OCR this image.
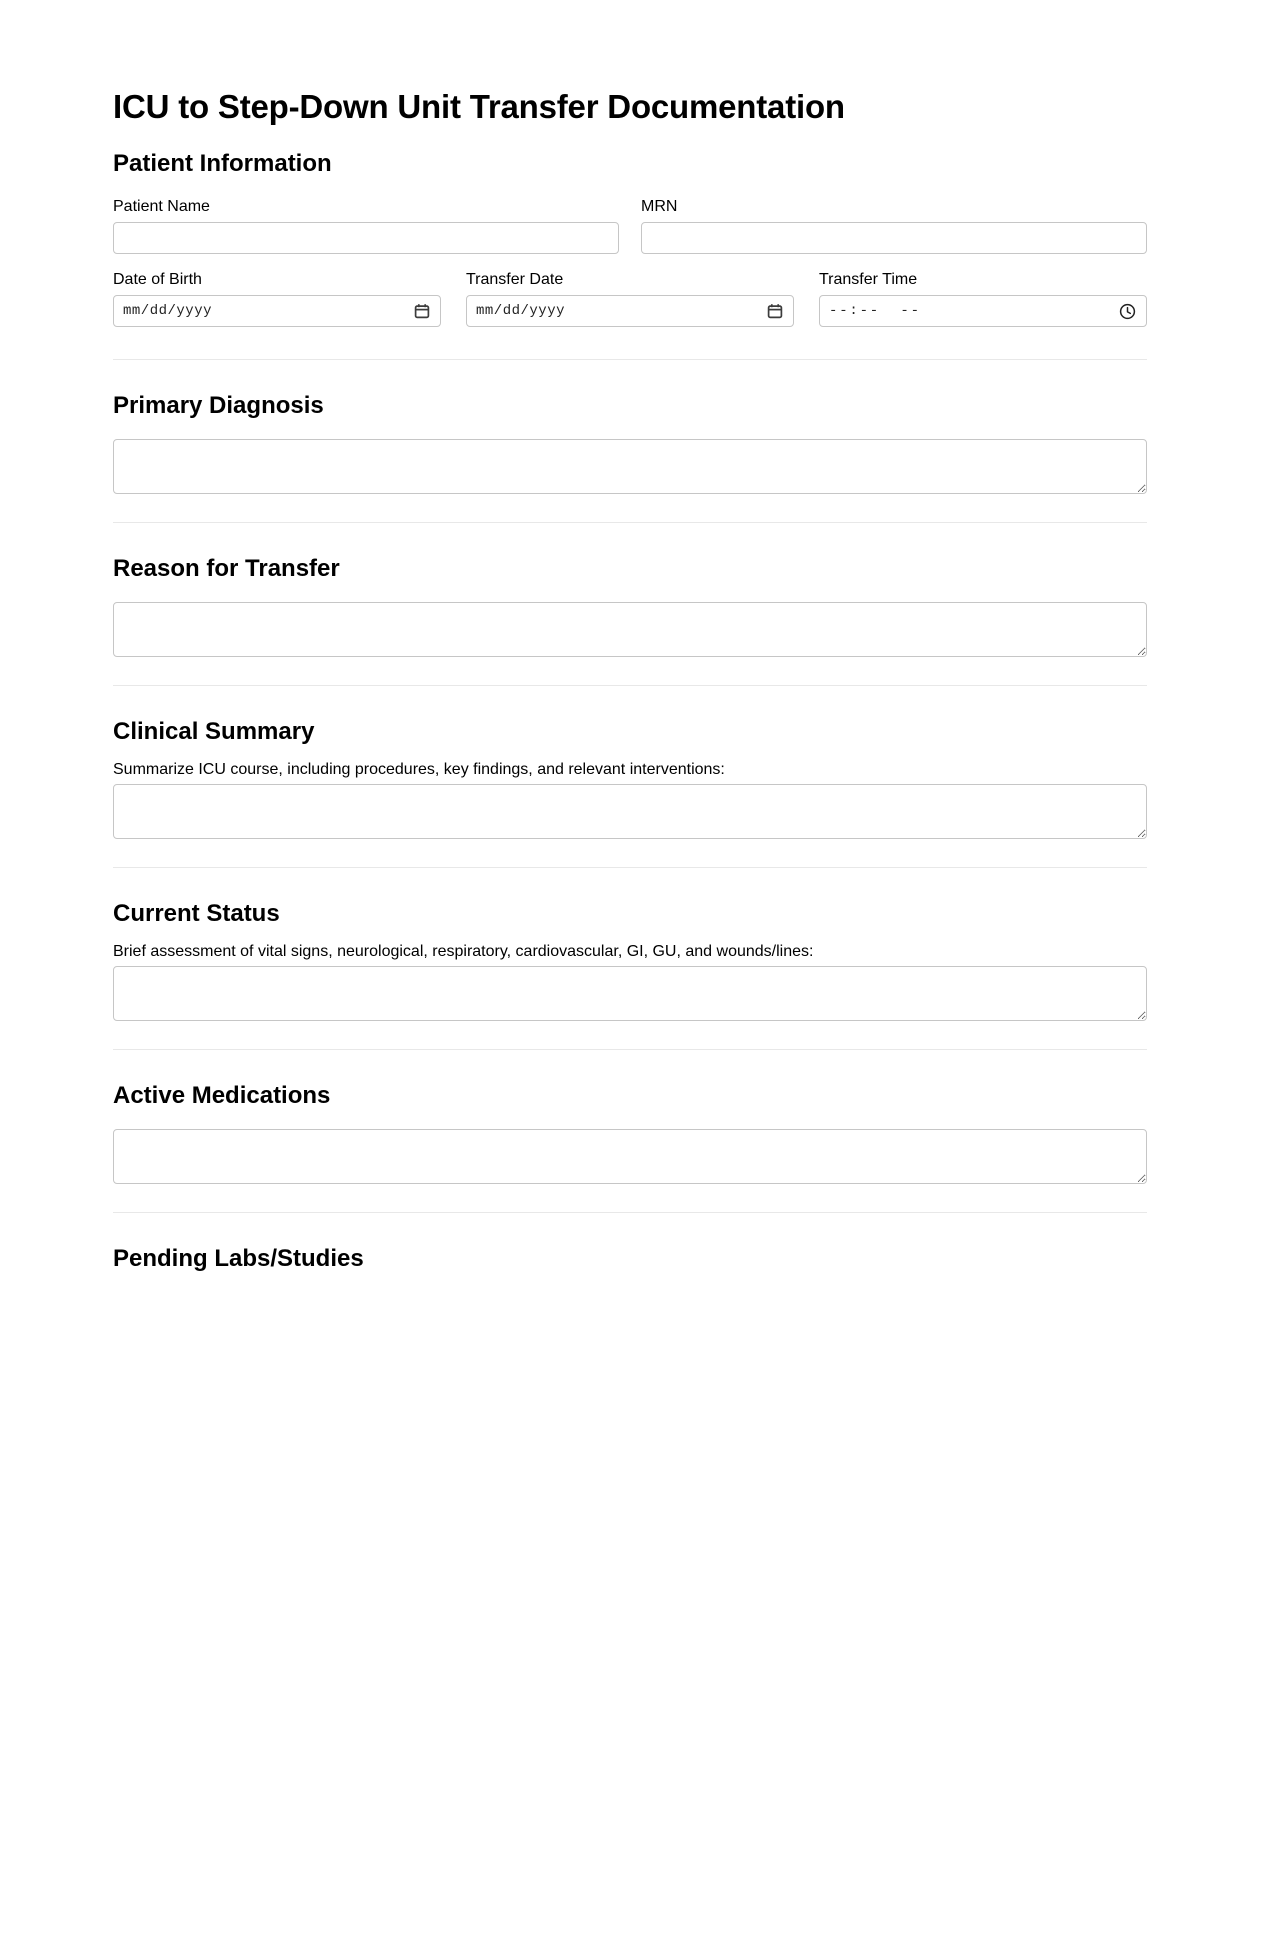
ICU to Step-Down Unit Transfer Documentation
Patient Information
Patient Name	MRN
Date of Birth
mm/dd/yyyy
Transfer Date
mm/dd/yyyy
Transfer Time
--:--  --
Primary Diagnosis
Reason for Transfer
Clinical Summary

Summarize ICU course, including procedures, key findings, and relevant interventions:

Current Status

Brief assessment of vital signs, neurological, respiratory, cardiovascular, GI, GU, and wounds/lines:

Active Medications
Pending Labs/Studies
